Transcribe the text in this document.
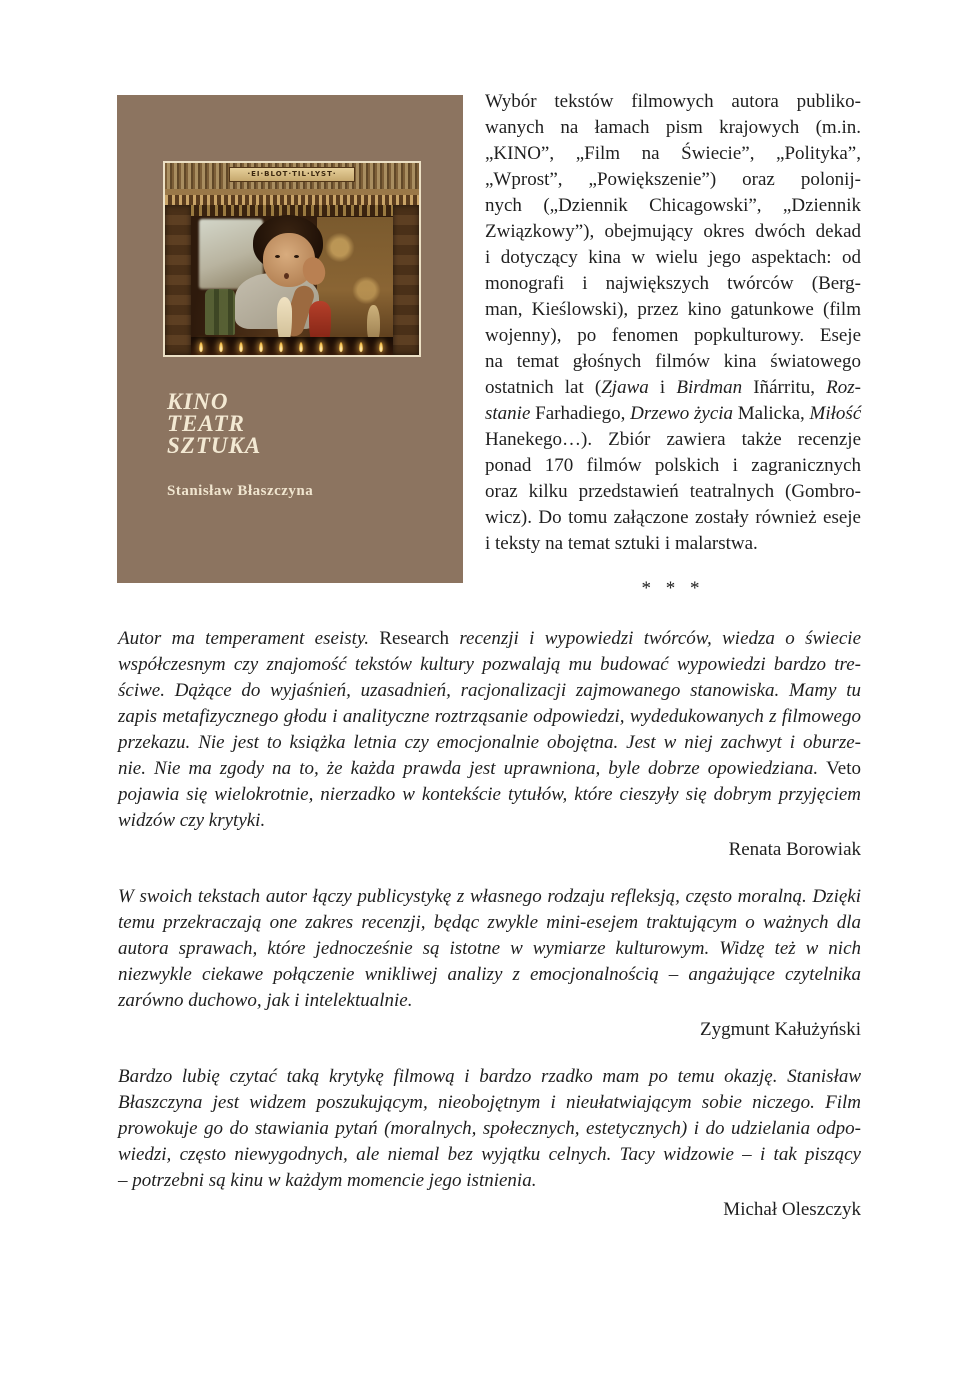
·EI·BLOT·TIL·LYST·
KINO
TEATR
SZTUKA
Stanisław Błaszczyna
Wybór tekstów filmowych autora publiko-
wanych na łamach pism krajowych (m.in.
„KINO”, „Film na Świecie”, „Polityka”,
„Wprost”, „Powiększenie”) oraz polonij-
nych („Dziennik Chicagowski”, „Dziennik
Związkowy”), obejmujący okres dwóch dekad
i dotyczący kina w wielu jego aspektach: od
monografi i największych twórców (Berg-
man, Kieślowski), przez kino gatunkowe (film
wojenny), po fenomen popkulturowy. Eseje
na temat głośnych filmów kina światowego
ostatnich lat (Zjawa i Birdman Iñárritu, Roz-
stanie Farhadiego, Drzewo życia Malicka, Miłość
Hanekego…). Zbiór zawiera także recenzje
ponad 170 filmów polskich i zagranicznych
oraz kilku przedstawień teatralnych (Gombro-
wicz). Do tomu załączone zostały również eseje
i teksty na temat sztuki i malarstwa.
* * *
Autor ma temperament eseisty. Research recenzji i wypowiedzi twórców, wiedza o świecie
współczesnym czy znajomość tekstów kultury pozwalają mu budować wypowiedzi bardzo tre-
ściwe. Dążące do wyjaśnień, uzasadnień, racjonalizacji zajmowanego stanowiska. Mamy tu
zapis metafizycznego głodu i analityczne roztrząsanie odpowiedzi, wydedukowanych z filmowego
przekazu. Nie jest to książka letnia czy emocjonalnie obojętna. Jest w niej zachwyt i oburze-
nie. Nie ma zgody na to, że każda prawda jest uprawniona, byle dobrze opowiedziana. Veto
pojawia się wielokrotnie, nierzadko w kontekście tytułów, które cieszyły się dobrym przyjęciem
widzów czy krytyki.
Renata Borowiak
W swoich tekstach autor łączy publicystykę z własnego rodzaju refleksją, często moralną. Dzięki
temu przekraczają one zakres recenzji, będąc zwykle mini-esejem traktującym o ważnych dla
autora sprawach, które jednocześnie są istotne w wymiarze kulturowym. Widzę też w nich
niezwykle ciekawe połączenie wnikliwej analizy z emocjonalnością – angażujące czytelnika
zarówno duchowo, jak i intelektualnie.
Zygmunt Kałużyński
Bardzo lubię czytać taką krytykę filmową i bardzo rzadko mam po temu okazję. Stanisław
Błaszczyna jest widzem poszukującym, nieobojętnym i nieułatwiającym sobie niczego. Film
prowokuje go do stawiania pytań (moralnych, społecznych, estetycznych) i do udzielania odpo-
wiedzi, często niewygodnych, ale niemal bez wyjątku celnych. Tacy widzowie – i tak piszący
– potrzebni są kinu w każdym momencie jego istnienia.
Michał Oleszczyk
